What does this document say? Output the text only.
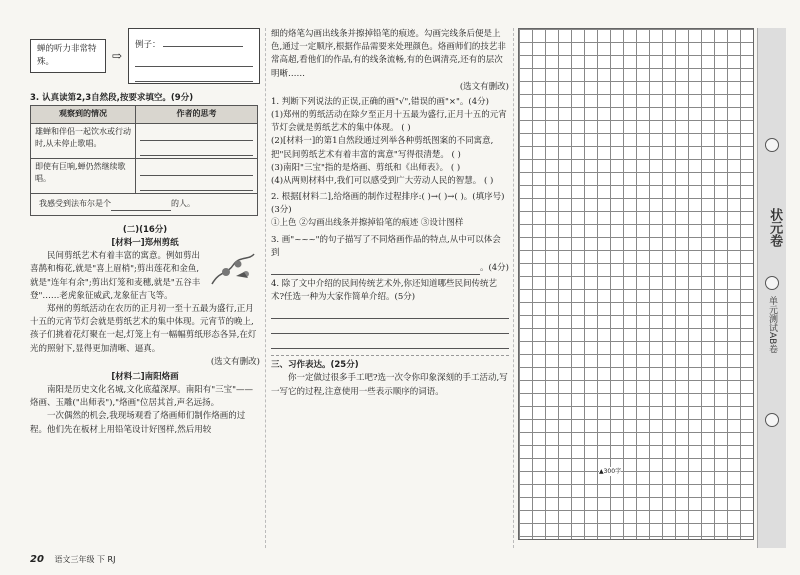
蝉的听力非常特殊。	⇨
例子：

3. 认真读第2,3自然段,按要求填空。(9分)

观察到的情况	作者的思考
雄蝉和伴侣一起饮水或行动时,从未停止歌唱。	

即使有巨响,蝉仍然继续歌唱。	

我感受到法布尔是个 的人。	

(二)(16分)

[材料一]郑州剪纸

民间剪纸艺术有着丰富的寓意。例如剪出喜鹊和梅花,就是"喜上眉梢";剪出莲花和金鱼,就是"连年有余";剪出灯笼和麦穗,就是"五谷丰登"……老虎象征威武,龙象征吉飞等。

郑州的剪纸活动在农历的正月初一至十五最为盛行,正月十五的元宵节灯会就是剪纸艺术的集中体现。元宵节的晚上,孩子们挑着花灯聚在一起,灯笼上有一幅幅剪纸形态各异,在灯光的照射下,显得更加清晰、逼真。

(选文有删改)

[材料二]南阳烙画

南阳是历史文化名城,文化底蕴深厚。南阳有"三宝"——烙画、玉雕("出师表"),"烙画"位居其首,声名远扬。

一次偶然的机会,我现场观看了烙画师们制作烙画的过程。他们先在板材上用铅笔设计好图样,然后用较

细的烙笔勾画出线条并擦掉铅笔的痕迹。勾画完线条后便是上色,通过一定顺序,根据作品需要来处理颜色。烙画师们的技艺非常高超,看他们的作品,有的线条流畅,有的色调清亮,还有的层次明晰……

(选文有删改)

1. 判断下列说法的正误,正确的画"√",错误的画"×"。(4分)

(1)郑州的剪纸活动在除夕至正月十五最为盛行,正月十五的元宵节灯会就是剪纸艺术的集中体现。 ( )

(2)[材料一]的第1自然段通过列举各种剪纸图案的不同寓意,把"民间剪纸艺术有着丰富的寓意"写得很清楚。 ( )

(3)南阳"三宝"指的是烙画、剪纸和《出师表》。 ( )

(4)从两则材料中,我们可以感受到广大劳动人民的智慧。 ( )

2. 根据[材料二],给烙画的制作过程排序:( )→( )→( )。(填序号)(3分)

①上色 ②勾画出线条并擦掉铅笔的痕迹 ③设计图样

3. 画"~~~"的句子描写了不同烙画作品的特点,从中可以体会到

。(4分)

4. 除了文中介绍的民间传统艺术外,你还知道哪些民间传统艺术?任选一种为大家作简单介绍。(5分)

三、习作表达。(25分)

你一定做过很多手工吧?选一次令你印象深刻的手工活动,写一写它的过程,注意使用一些表示顺序的词语。

▲300字
状元卷
单元测试AB卷
20 语文三年级 下 RJ
